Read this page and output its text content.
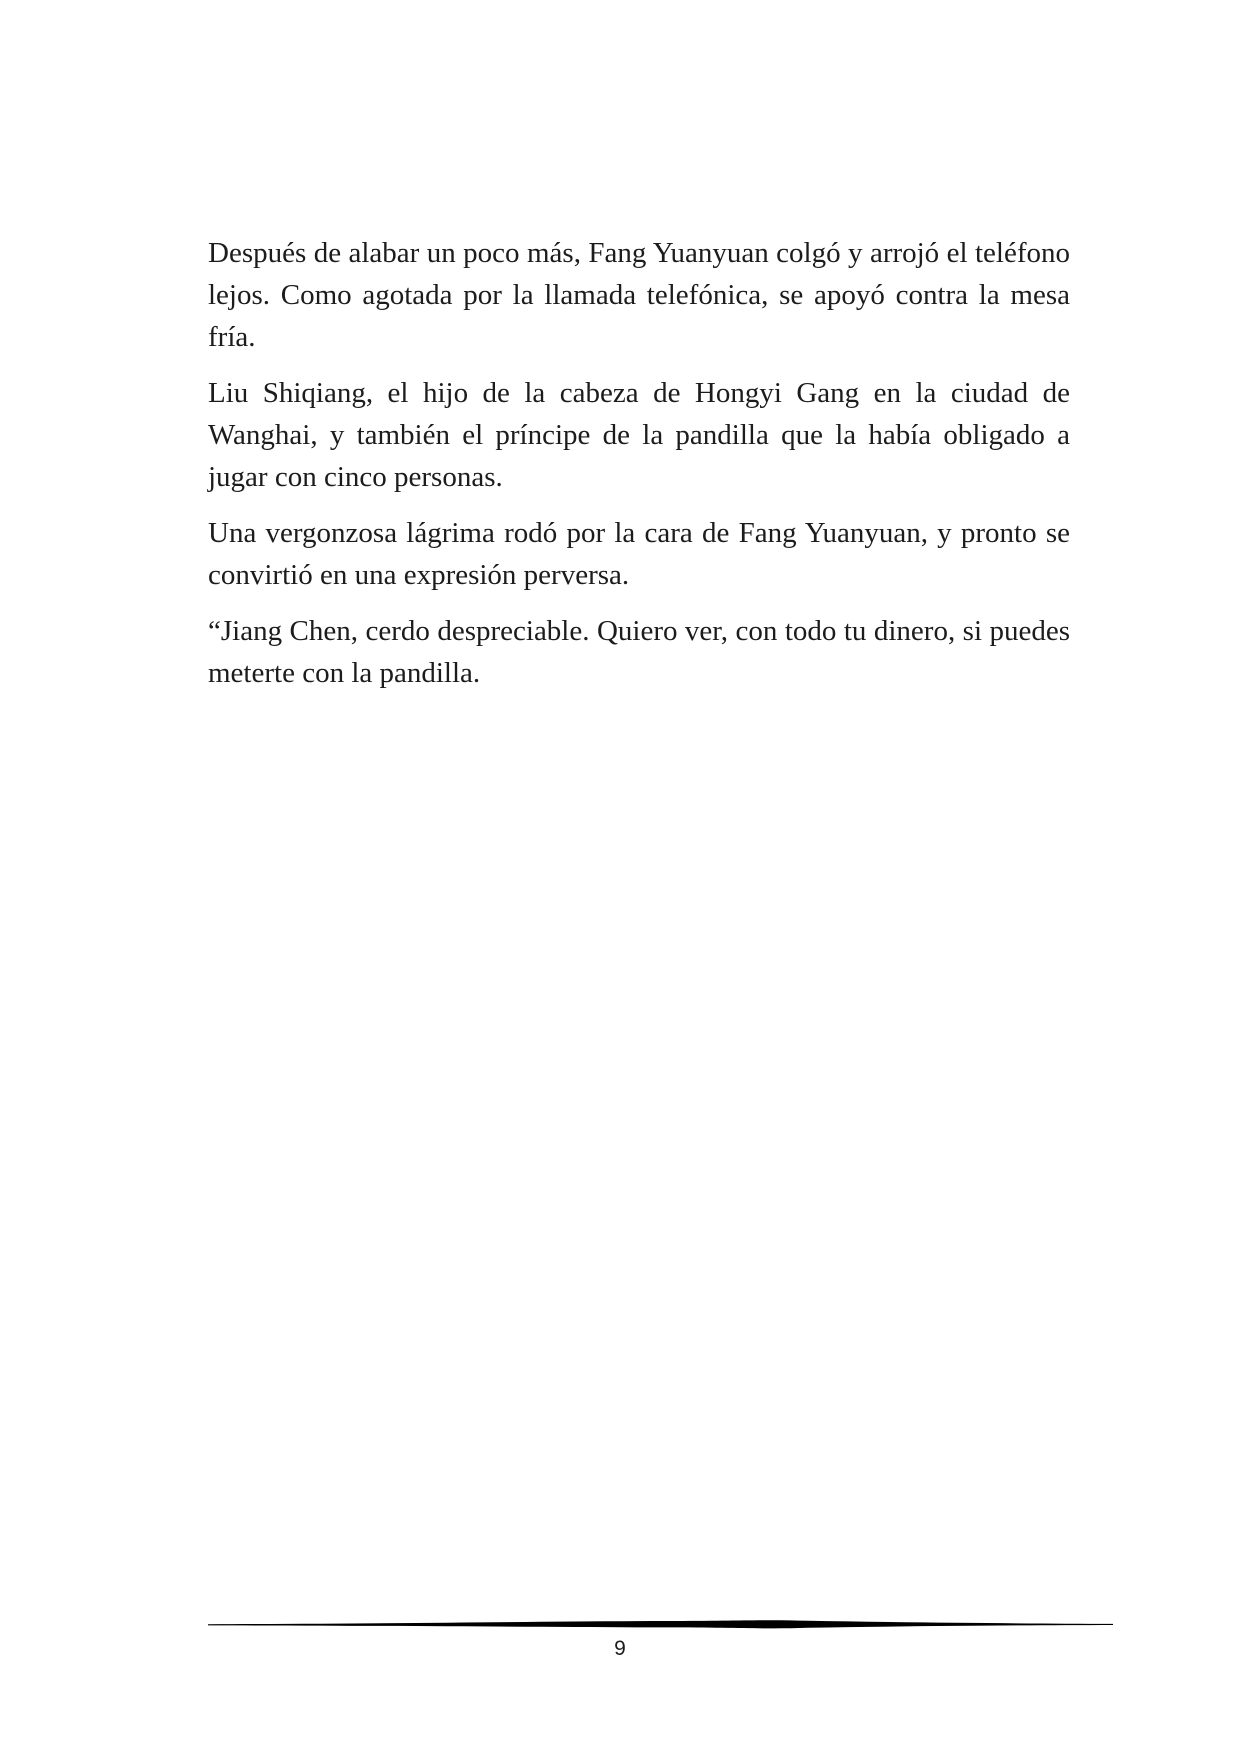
Después de alabar un poco más, Fang Yuanyuan colgó y arrojó el teléfono lejos. Como agotada por la llamada telefónica, se apoyó contra la mesa fría.

Liu Shiqiang, el hijo de la cabeza de Hongyi Gang en la ciudad de Wanghai, y también el príncipe de la pandilla que la había obligado a jugar con cinco personas.

Una vergonzosa lágrima rodó por la cara de Fang Yuanyuan, y pronto se convirtió en una expresión perversa.

“Jiang Chen, cerdo despreciable. Quiero ver, con todo tu dinero, si puedes meterte con la pandilla.

9
